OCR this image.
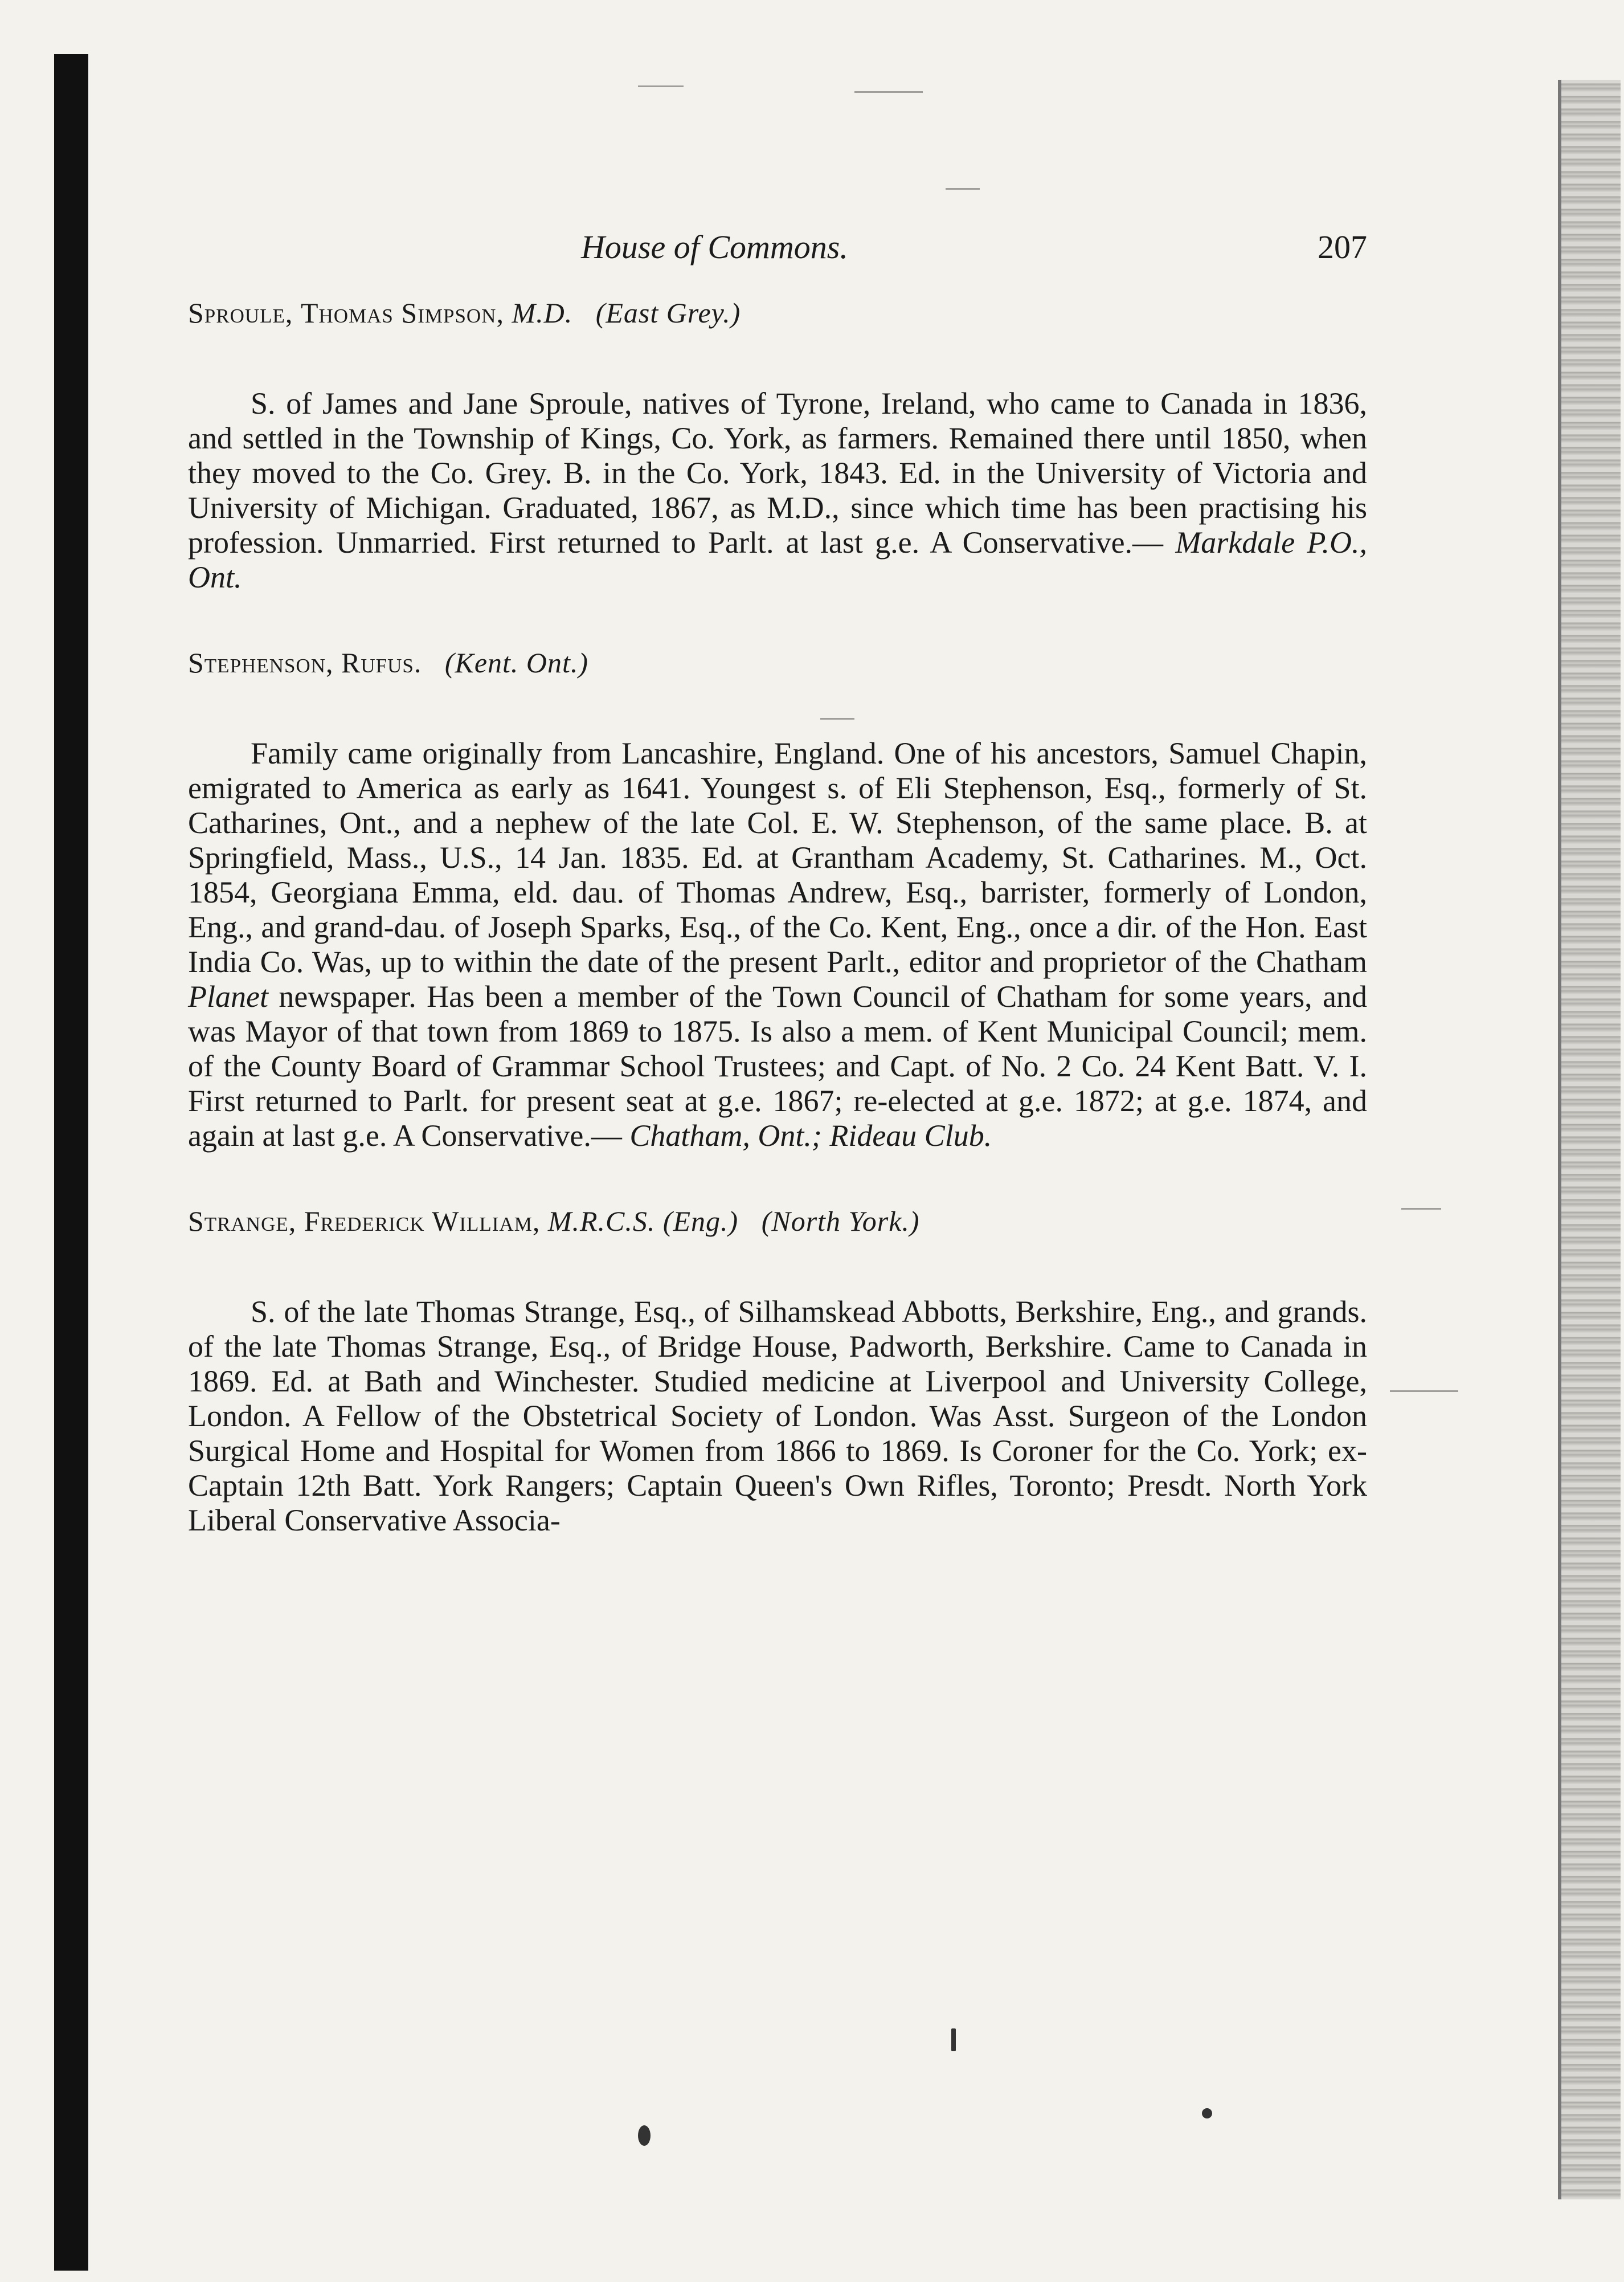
House of Commons.	207

Sproule, Thomas Simpson, M.D. (East Grey.)

S. of James and Jane Sproule, natives of Tyrone, Ireland, who came to Canada in 1836, and settled in the Township of Kings, Co. York, as farmers. Remained there until 1850, when they moved to the Co. Grey. B. in the Co. York, 1843. Ed. in the University of Victoria and University of Michigan. Graduated, 1867, as M.D., since which time has been practising his profession. Unmarried. First returned to Parlt. at last g.e. A Conservative.— Markdale P.O., Ont.

Stephenson, Rufus. (Kent. Ont.)

Family came originally from Lancashire, England. One of his ancestors, Samuel Chapin, emigrated to America as early as 1641. Youngest s. of Eli Stephenson, Esq., formerly of St. Catharines, Ont., and a nephew of the late Col. E. W. Stephenson, of the same place. B. at Springfield, Mass., U.S., 14 Jan. 1835. Ed. at Grantham Academy, St. Catharines. M., Oct. 1854, Georgiana Emma, eld. dau. of Thomas Andrew, Esq., barrister, formerly of London, Eng., and grand-dau. of Joseph Sparks, Esq., of the Co. Kent, Eng., once a dir. of the Hon. East India Co. Was, up to within the date of the present Parlt., editor and proprietor of the Chatham Planet newspaper. Has been a member of the Town Council of Chatham for some years, and was Mayor of that town from 1869 to 1875. Is also a mem. of Kent Municipal Council; mem. of the County Board of Grammar School Trustees; and Capt. of No. 2 Co. 24 Kent Batt. V. I. First returned to Parlt. for present seat at g.e. 1867; re-elected at g.e. 1872; at g.e. 1874, and again at last g.e. A Conservative.— Chatham, Ont.; Rideau Club.

Strange, Frederick William, M.R.C.S. (Eng.) (North York.)

S. of the late Thomas Strange, Esq., of Silhamskead Abbotts, Berkshire, Eng., and grands. of the late Thomas Strange, Esq., of Bridge House, Padworth, Berkshire. Came to Canada in 1869. Ed. at Bath and Winchester. Studied medicine at Liverpool and University College, London. A Fellow of the Obstetrical Society of London. Was Asst. Surgeon of the London Surgical Home and Hospital for Women from 1866 to 1869. Is Coroner for the Co. York; ex-Captain 12th Batt. York Rangers; Captain Queen's Own Rifles, Toronto; Presdt. North York Liberal Conservative Associa-
